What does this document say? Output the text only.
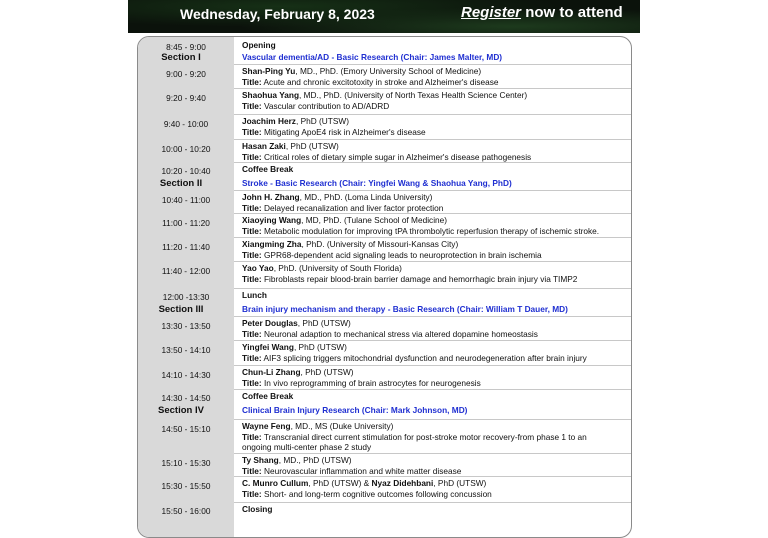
Wednesday, February 8, 2023	Register now to attend
8:45 - 9:00	Opening
Section I	Vascular dementia/AD - Basic Research (Chair: James Malter, MD)
9:00 - 9:20	Shan-Ping Yu, MD., PhD. (Emory University School of Medicine)
Title: Acute and chronic excitotoxity in stroke and Alzheimer's disease
9:20 - 9:40	Shaohua Yang, MD., PhD. (University of North Texas Health Science Center)
Title: Vascular contribution to AD/ADRD
9:40 - 10:00	Joachim Herz, PhD (UTSW)
Title: Mitigating ApoE4 risk in Alzheimer's disease
10:00 - 10:20	Hasan Zaki, PhD (UTSW)
Title: Critical roles of dietary simple sugar in Alzheimer's disease pathogenesis
10:20 - 10:40	Coffee Break
Section II	Stroke - Basic Research (Chair: Yingfei Wang & Shaohua Yang, PhD)
10:40 - 11:00	John H. Zhang, MD., PhD. (Loma Linda University)
Title: Delayed recanalization and liver factor protection
11:00 - 11:20	Xiaoying Wang, MD, PhD. (Tulane School of Medicine)
Title: Metabolic modulation for improving tPA thrombolytic reperfusion therapy of ischemic stroke.
11:20 - 11:40	Xiangming Zha, PhD. (University of Missouri-Kansas City)
Title: GPR68-dependent acid signaling leads to neuroprotection in brain ischemia
11:40 - 12:00	Yao Yao, PhD. (University of South Florida)
Title: Fibroblasts repair blood-brain barrier damage and hemorrhagic brain injury via TIMP2
12:00 -13:30	Lunch
Section III	Brain injury mechanism and therapy - Basic Research (Chair: William T Dauer, MD)
13:30 - 13:50	Peter Douglas, PhD (UTSW)
Title: Neuronal adaption to mechanical stress via altered dopamine homeostasis
13:50 - 14:10	Yingfei Wang, PhD (UTSW)
Title: AIF3 splicing triggers mitochondrial dysfunction and neurodegeneration after brain injury
14:10 - 14:30	Chun-Li Zhang, PhD (UTSW)
Title: In vivo reprogramming of brain astrocytes for neurogenesis
14:30 - 14:50	Coffee Break
Section IV	Clinical Brain Injury Research (Chair: Mark Johnson, MD)
14:50 - 15:10	Wayne Feng, MD., MS (Duke University)
Title: Transcranial direct current stimulation for post-stroke motor recovery-from phase 1 to an
ongoing multi-center phase 2 study
15:10 - 15:30	Ty Shang, MD., PhD (UTSW)
Title: Neurovascular inflammation and white matter disease
15:30 - 15:50	C. Munro Cullum, PhD (UTSW) & Nyaz Didehbani, PhD (UTSW)
Title: Short- and long-term cognitive outcomes following concussion
15:50 - 16:00	Closing
